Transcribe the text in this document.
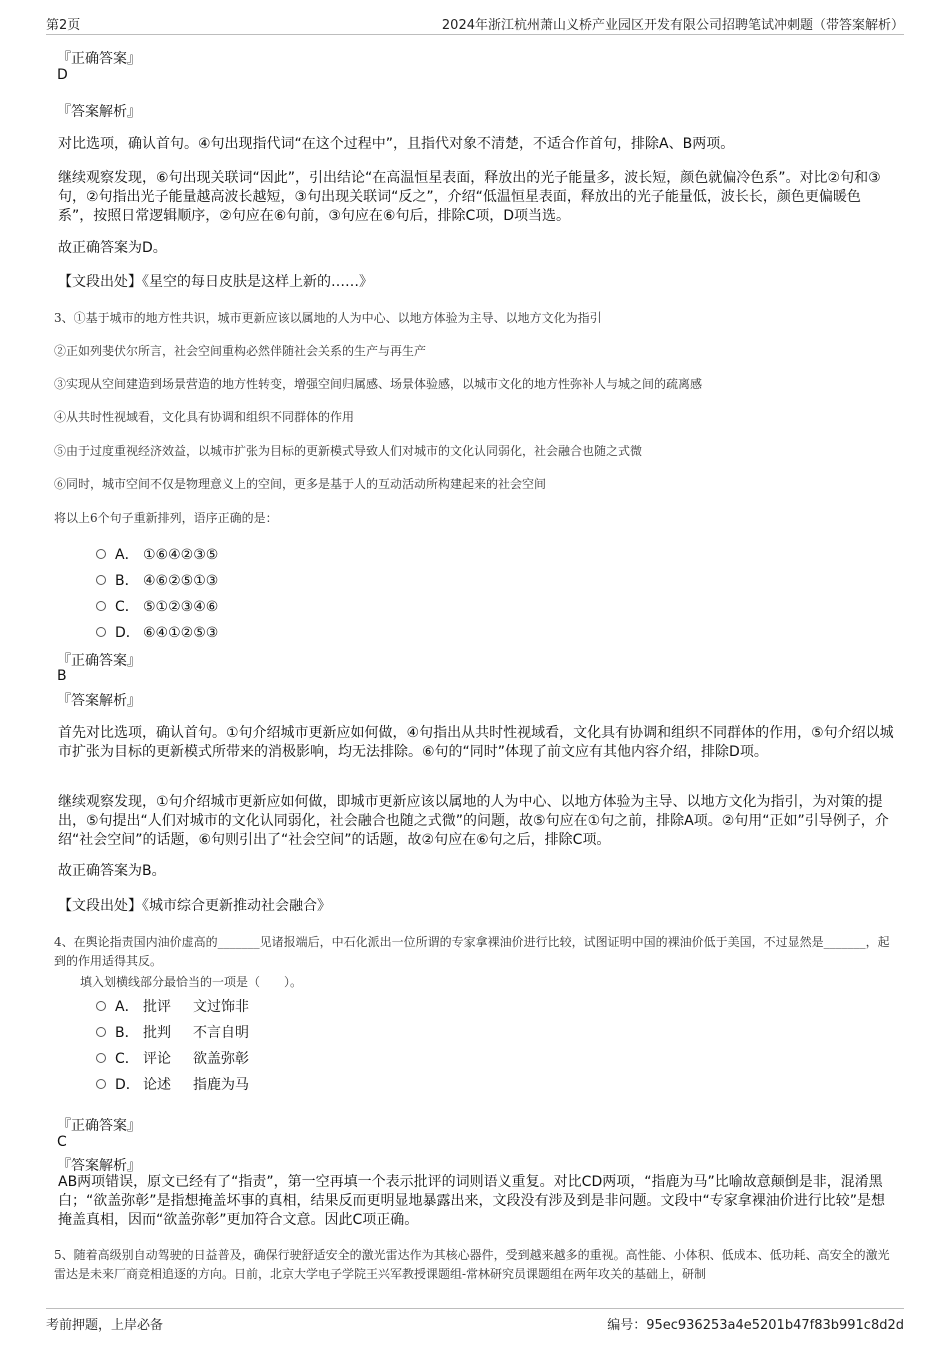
第2页	2024年浙江杭州萧山义桥产业园区开发有限公司招聘笔试冲刺题（带答案解析）
『正确答案』
D
『答案解析』
对比选项，确认首句。④句出现指代词“在这个过程中”，且指代对象不清楚，不适合作首句，排除A、B两项。
继续观察发现，⑥句出现关联词“因此”，引出结论“在高温恒星表面，释放出的光子能量多，波长短，颜色就偏冷色系”。对比②句和③句，②句指出光子能量越高波长越短，③句出现关联词“反之”，介绍“低温恒星表面，释放出的光子能量低，波长长，颜色更偏暖色系”，按照日常逻辑顺序，②句应在⑥句前，③句应在⑥句后，排除C项，D项当选。
故正确答案为D。
【文段出处】《星空的每日皮肤是这样上新的……》
3、①基于城市的地方性共识，城市更新应该以属地的人为中心、以地方体验为主导、以地方文化为指引
②正如列斐伏尔所言，社会空间重构必然伴随社会关系的生产与再生产
③实现从空间建造到场景营造的地方性转变，增强空间归属感、场景体验感，以城市文化的地方性弥补人与城之间的疏离感
④从共时性视域看，文化具有协调和组织不同群体的作用
⑤由于过度重视经济效益，以城市扩张为目标的更新模式导致人们对城市的文化认同弱化，社会融合也随之式微
⑥同时，城市空间不仅是物理意义上的空间，更多是基于人的互动活动所构建起来的社会空间
将以上6个句子重新排列，语序正确的是：
A． ①⑥④②③⑤
B． ④⑥②⑤①③
C． ⑤①②③④⑥
D． ⑥④①②⑤③
『正确答案』
B
『答案解析』
首先对比选项，确认首句。①句介绍城市更新应如何做，④句指出从共时性视域看，文化具有协调和组织不同群体的作用，⑤句介绍以城市扩张为目标的更新模式所带来的消极影响，均无法排除。⑥句的“同时”体现了前文应有其他内容介绍，排除D项。
继续观察发现，①句介绍城市更新应如何做，即城市更新应该以属地的人为中心、以地方体验为主导、以地方文化为指引，为对策的提出，⑤句提出“人们对城市的文化认同弱化，社会融合也随之式微”的问题，故⑤句应在①句之前，排除A项。②句用“正如”引导例子，介绍“社会空间”的话题，⑥句则引出了“社会空间”的话题，故②句应在⑥句之后，排除C项。
故正确答案为B。
【文段出处】《城市综合更新推动社会融合》
4、在舆论指责国内油价虚高的_______见诸报端后，中石化派出一位所谓的专家拿裸油价进行比较，试图证明中国的裸油价低于美国，不过显然是_______，起到的作用适得其反。
填入划横线部分最恰当的一项是（　　）。
A． 批评 文过饰非
B． 批判 不言自明
C． 评论 欲盖弥彰
D． 论述 指鹿为马
『正确答案』
C
『答案解析』
AB两项错误，原文已经有了“指责”，第一空再填一个表示批评的词则语义重复。对比CD两项，“指鹿为马”比喻故意颠倒是非，混淆黑白；“欲盖弥彰”是指想掩盖坏事的真相，结果反而更明显地暴露出来，文段没有涉及到是非问题。文段中“专家拿裸油价进行比较”是想掩盖真相，因而“欲盖弥彰”更加符合文意。因此C项正确。
5、随着高级别自动驾驶的日益普及，确保行驶舒适安全的激光雷达作为其核心器件，受到越来越多的重视。高性能、小体积、低成本、低功耗、高安全的激光雷达是未来厂商竞相追逐的方向。日前，北京大学电子学院王兴军教授课题组-常林研究员课题组在两年攻关的基础上，研制
考前押题，上岸必备	编号：95ec936253a4e5201b47f83b991c8d2d
